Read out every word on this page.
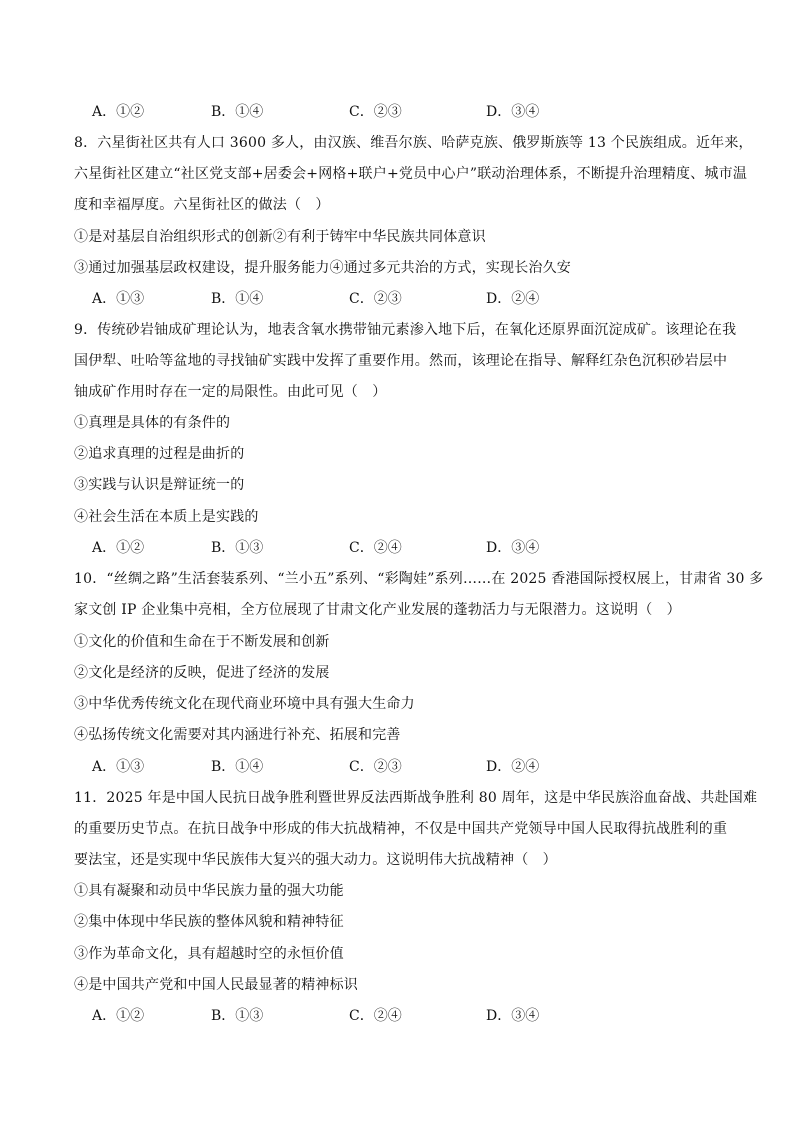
A．①②	B．①④	C．②③	D．③④
8．六星街社区共有人口 3600 多人，由汉族、维吾尔族、哈萨克族、俄罗斯族等 13 个民族组成。近年来，
六星街社区建立“社区党支部+居委会+网格+联户+党员中心户”联动治理体系，不断提升治理精度、城市温
度和幸福厚度。六星街社区的做法（　）
①是对基层自治组织形式的创新②有利于铸牢中华民族共同体意识
③通过加强基层政权建设，提升服务能力④通过多元共治的方式，实现长治久安
A．①③	B．①④	C．②③	D．②④
9．传统砂岩铀成矿理论认为，地表含氧水携带铀元素渗入地下后，在氧化还原界面沉淀成矿。该理论在我
国伊犁、吐哈等盆地的寻找铀矿实践中发挥了重要作用。然而，该理论在指导、解释红杂色沉积砂岩层中
铀成矿作用时存在一定的局限性。由此可见（　）
①真理是具体的有条件的
②追求真理的过程是曲折的
③实践与认识是辩证统一的
④社会生活在本质上是实践的
A．①②	B．①③	C．②④	D．③④
10．“丝绸之路”生活套装系列、“兰小五”系列、“彩陶娃”系列……在 2025 香港国际授权展上，甘肃省 30 多
家文创 IP 企业集中亮相，全方位展现了甘肃文化产业发展的蓬勃活力与无限潜力。这说明（　）
①文化的价值和生命在于不断发展和创新
②文化是经济的反映，促进了经济的发展
③中华优秀传统文化在现代商业环境中具有强大生命力
④弘扬传统文化需要对其内涵进行补充、拓展和完善
A．①③	B．①④	C．②③	D．②④
11．2025 年是中国人民抗日战争胜利暨世界反法西斯战争胜利 80 周年，这是中华民族浴血奋战、共赴国难
的重要历史节点。在抗日战争中形成的伟大抗战精神，不仅是中国共产党领导中国人民取得抗战胜利的重
要法宝，还是实现中华民族伟大复兴的强大动力。这说明伟大抗战精神（　）
①具有凝聚和动员中华民族力量的强大功能
②集中体现中华民族的整体风貌和精神特征
③作为革命文化，具有超越时空的永恒价值
④是中国共产党和中国人民最显著的精神标识
A．①②	B．①③	C．②④	D．③④
